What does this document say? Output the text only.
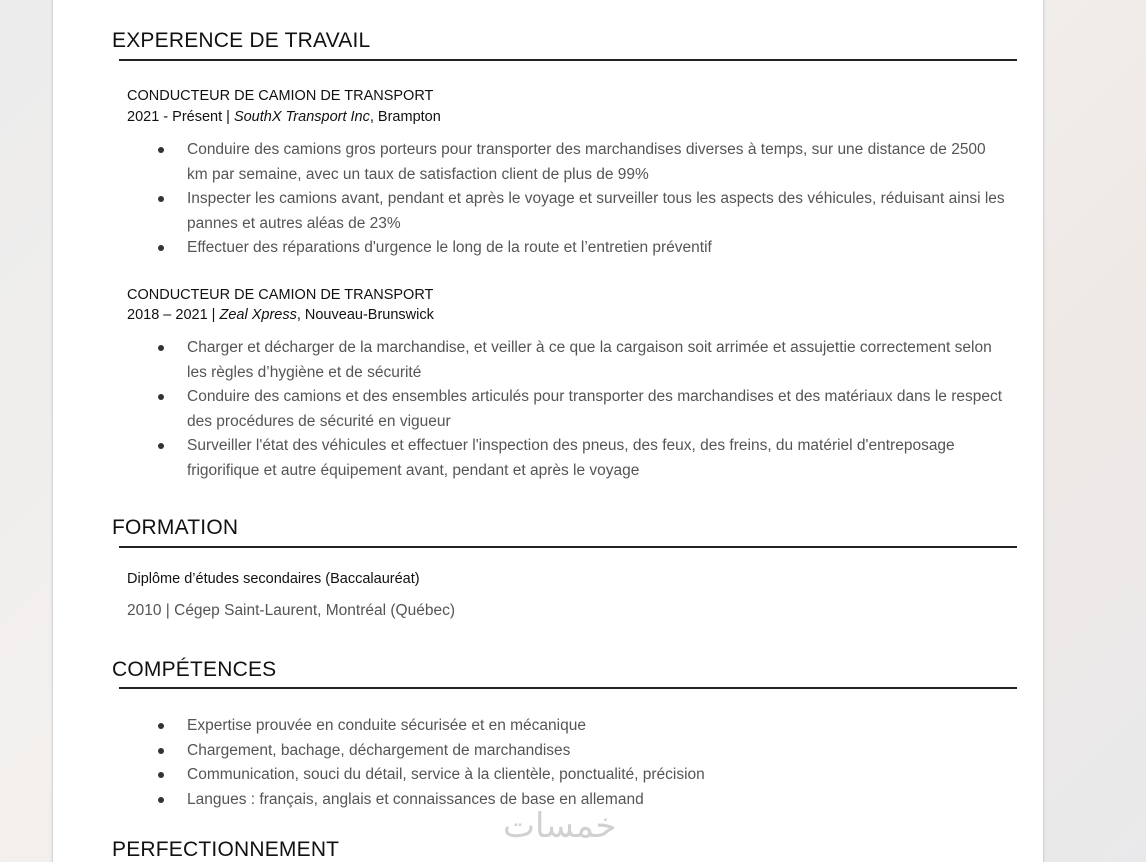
EXPERENCE DE TRAVAIL
CONDUCTEUR DE CAMION DE TRANSPORT
2021 - Présent | SouthX Transport Inc, Brampton
Conduire des camions gros porteurs pour transporter des marchandises diverses à temps, sur une distance de 2500 km par semaine, avec un taux de satisfaction client de plus de 99%
Inspecter les camions avant, pendant et après le voyage et surveiller tous les aspects des véhicules, réduisant ainsi les pannes et autres aléas de 23%
Effectuer des réparations d'urgence le long de la route et l’entretien préventif
CONDUCTEUR DE CAMION DE TRANSPORT
2018 – 2021 | Zeal Xpress, Nouveau-Brunswick
Charger et décharger de la marchandise, et veiller à ce que la cargaison soit arrimée et assujettie correctement selon les règles d’hygiène et de sécurité
Conduire des camions et des ensembles articulés pour transporter des marchandises et des matériaux dans le respect des procédures de sécurité en vigueur
Surveiller l'état des véhicules et effectuer l'inspection des pneus, des feux, des freins, du matériel d'entreposage frigorifique et autre équipement avant, pendant et après le voyage
FORMATION
Diplôme d’études secondaires (Baccalauréat)
2010 | Cégep Saint-Laurent, Montréal (Québec)
COMPÉTENCES
Expertise prouvée en conduite sécurisée et en mécanique
Chargement, bachage, déchargement de marchandises
Communication, souci du détail, service à la clientèle, ponctualité, précision
Langues : français, anglais et connaissances de base en allemand
PERFECTIONNEMENT
خمسات
